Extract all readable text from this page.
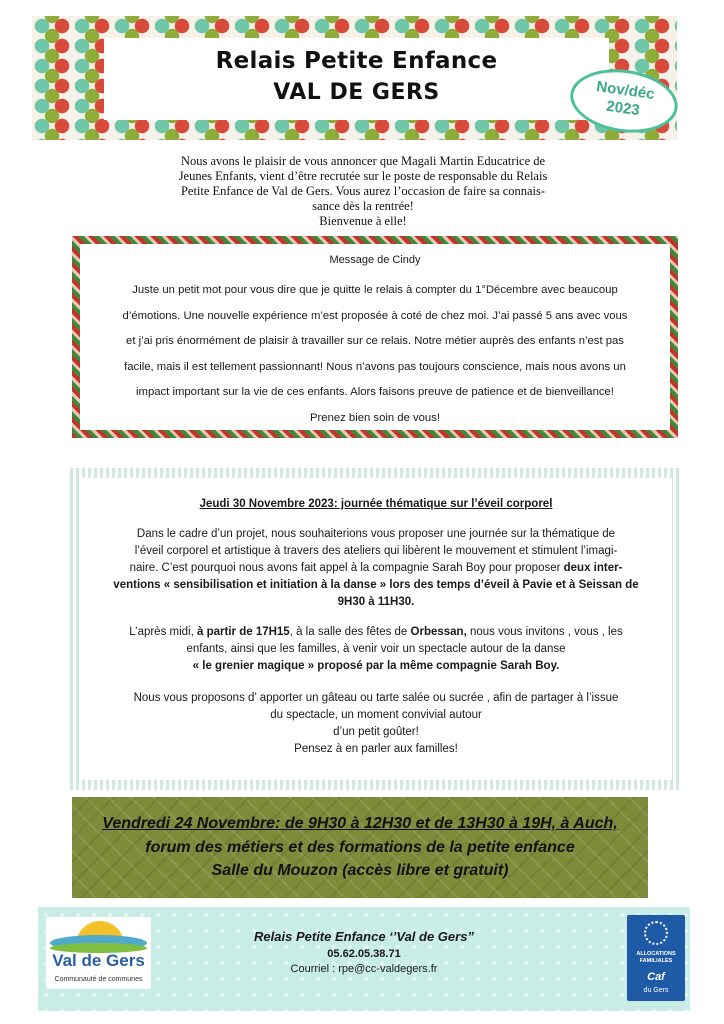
Relais Petite Enfance
VAL DE GERS	Nov/déc
2023
Nous avons le plaisir de vous annoncer que Magali Martin Educatrice de
Jeunes Enfants, vient d’être recrutée sur le poste de responsable du Relais
Petite Enfance de Val de Gers. Vous aurez l’occasion de faire sa connais-
sance dès la rentrée!
Bienvenue à elle!
Message de Cindy
Juste un petit mot pour vous dire que je quitte le relais à compter du 1°Décembre avec beaucoup
d’émotions. Une nouvelle expérience m’est proposée à coté de chez moi. J’ai passé 5 ans avec vous
et j’ai pris énormément de plaisir à travailler sur ce relais. Notre métier auprès des enfants n’est pas
facile, mais il est tellement passionnant! Nous n’avons pas toujours conscience, mais nous avons un
impact important sur la vie de ces enfants. Alors faisons preuve de patience et de bienveillance!
Prenez bien soin de vous!
Jeudi 30 Novembre 2023: journée thématique sur l’éveil corporel
Dans le cadre d’un projet, nous souhaiterions vous proposer une journée sur la thématique de
l’éveil corporel et artistique à travers des ateliers qui libèrent le mouvement et stimulent l’imagi-
naire. C’est pourquoi nous avons fait appel à la compagnie Sarah Boy pour proposer deux inter-
ventions « sensibilisation et initiation à la danse » lors des temps d’éveil à Pavie et à Seissan de
9H30 à 11H30.
L’après midi, à partir de 17H15, à la salle des fêtes de Orbessan, nous vous invitons , vous , les
enfants, ainsi que les familles, à venir voir un spectacle autour de la danse
« le grenier magique » proposé par la même compagnie Sarah Boy.
Nous vous proposons d’ apporter un gâteau ou tarte salée ou sucrée , afin de partager à l’issue
du spectacle, un moment convivial autour
d’un petit goûter!
Pensez à en parler aux familles!
Vendredi 24 Novembre: de 9H30 à 12H30 et de 13H30 à 19H, à Auch,
forum des métiers et des formations de la petite enfance
Salle du Mouzon (accès libre et gratuit)
Val de Gers
Communauté de communes
Relais Petite Enfance ‘’Val de Gers”
05.62.05.38.71
Courriel : rpe@cc-valdegers.fr
ALLOCATIONS FAMILIALES
Caf
du Gers
